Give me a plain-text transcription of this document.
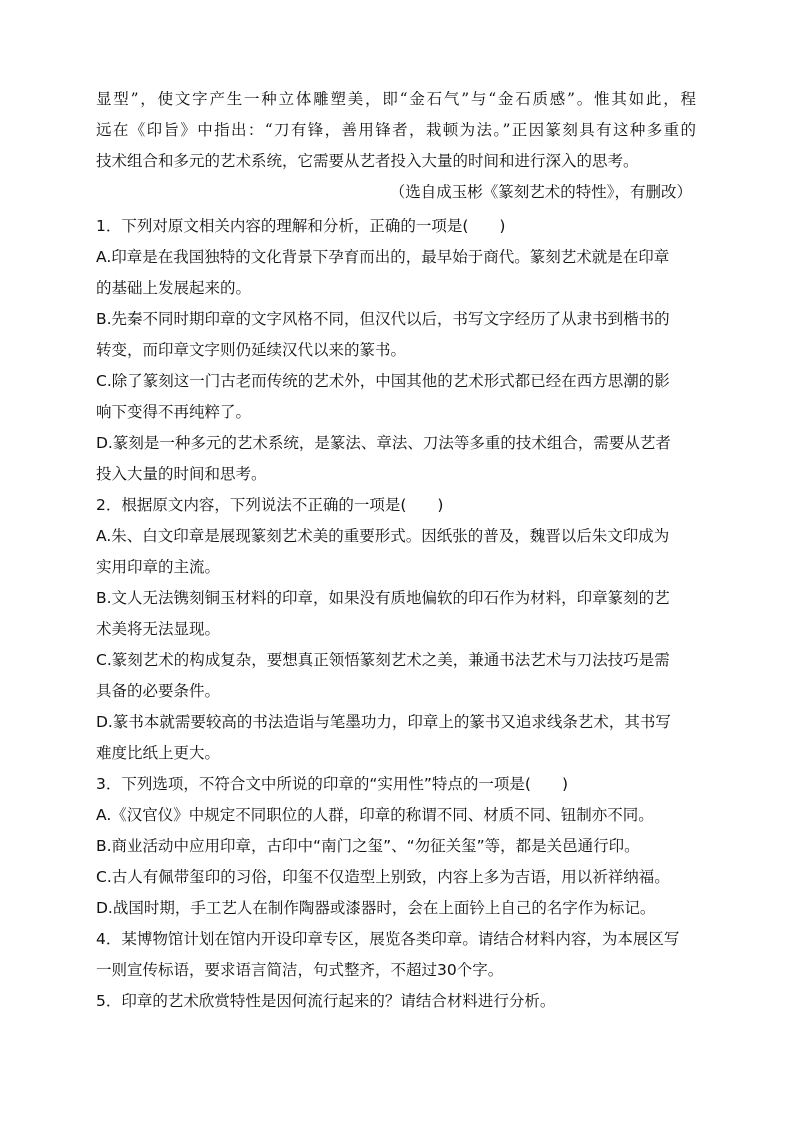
显型”，使文字产生一种立体雕塑美，即“金石气”与“金石质感”。惟其如此，程

远在《印旨》中指出：“刀有锋，善用锋者，栽顿为法。”正因篆刻具有这种多重的

技术组合和多元的艺术系统，它需要从艺者投入大量的时间和进行深入的思考。

（选自成玉彬《篆刻艺术的特性》，有删改）

1．下列对原文相关内容的理解和分析，正确的一项是(　　)

A.印章是在我国独特的文化背景下孕育而出的，最早始于商代。篆刻艺术就是在印章

的基础上发展起来的。

B.先秦不同时期印章的文字风格不同，但汉代以后，书写文字经历了从隶书到楷书的

转变，而印章文字则仍延续汉代以来的篆书。

C.除了篆刻这一门古老而传统的艺术外，中国其他的艺术形式都已经在西方思潮的影

响下变得不再纯粹了。

D.篆刻是一种多元的艺术系统，是篆法、章法、刀法等多重的技术组合，需要从艺者

投入大量的时间和思考。

2．根据原文内容，下列说法不正确的一项是(　　)

A.朱、白文印章是展现篆刻艺术美的重要形式。因纸张的普及，魏晋以后朱文印成为

实用印章的主流。

B.文人无法镌刻铜玉材料的印章，如果没有质地偏软的印石作为材料，印章篆刻的艺

术美将无法显现。

C.篆刻艺术的构成复杂，要想真正领悟篆刻艺术之美，兼通书法艺术与刀法技巧是需

具备的必要条件。

D.篆书本就需要较高的书法造诣与笔墨功力，印章上的篆书又追求线条艺术，其书写

难度比纸上更大。

3．下列选项，不符合文中所说的印章的“实用性”特点的一项是(　　)

A.《汉官仪》中规定不同职位的人群，印章的称谓不同、材质不同、钮制亦不同。

B.商业活动中应用印章，古印中“南门之玺”、“勿征关玺”等，都是关邑通行印。

C.古人有佩带玺印的习俗，印玺不仅造型上别致，内容上多为吉语，用以祈祥纳福。

D.战国时期，手工艺人在制作陶器或漆器时，会在上面钤上自己的名字作为标记。

4．某博物馆计划在馆内开设印章专区，展览各类印章。请结合材料内容，为本展区写

一则宣传标语，要求语言简洁，句式整齐，不超过30个字。

5．印章的艺术欣赏特性是因何流行起来的？请结合材料进行分析。
